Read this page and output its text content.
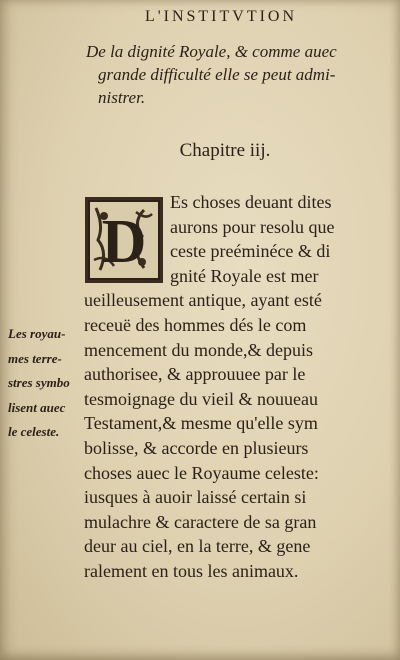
L'INSTITVTION
De la dignité Royale, & comme auec
grande difficulté elle se peut admi-
nistrer.
Chapitre iij.
D
Es choses deuant dites
aurons pour resolu que
ceste preéminéce & di
gnité Royale est mer
ueilleusement antique, ayant esté
receuë des hommes dés le com
mencement du monde,& depuis
authorisee, & approuuee par le
tesmoignage du vieil & nouueau
Testament,& mesme qu'elle sym
bolisse, & accorde en plusieurs
choses auec le Royaume celeste:
iusques à auoir laissé certain si
mulachre & caractere de sa gran
deur au ciel, en la terre, & gene
ralement en tous les animaux.
Les royau-
mes terre-
stres symbo
lisent auec
le celeste.
